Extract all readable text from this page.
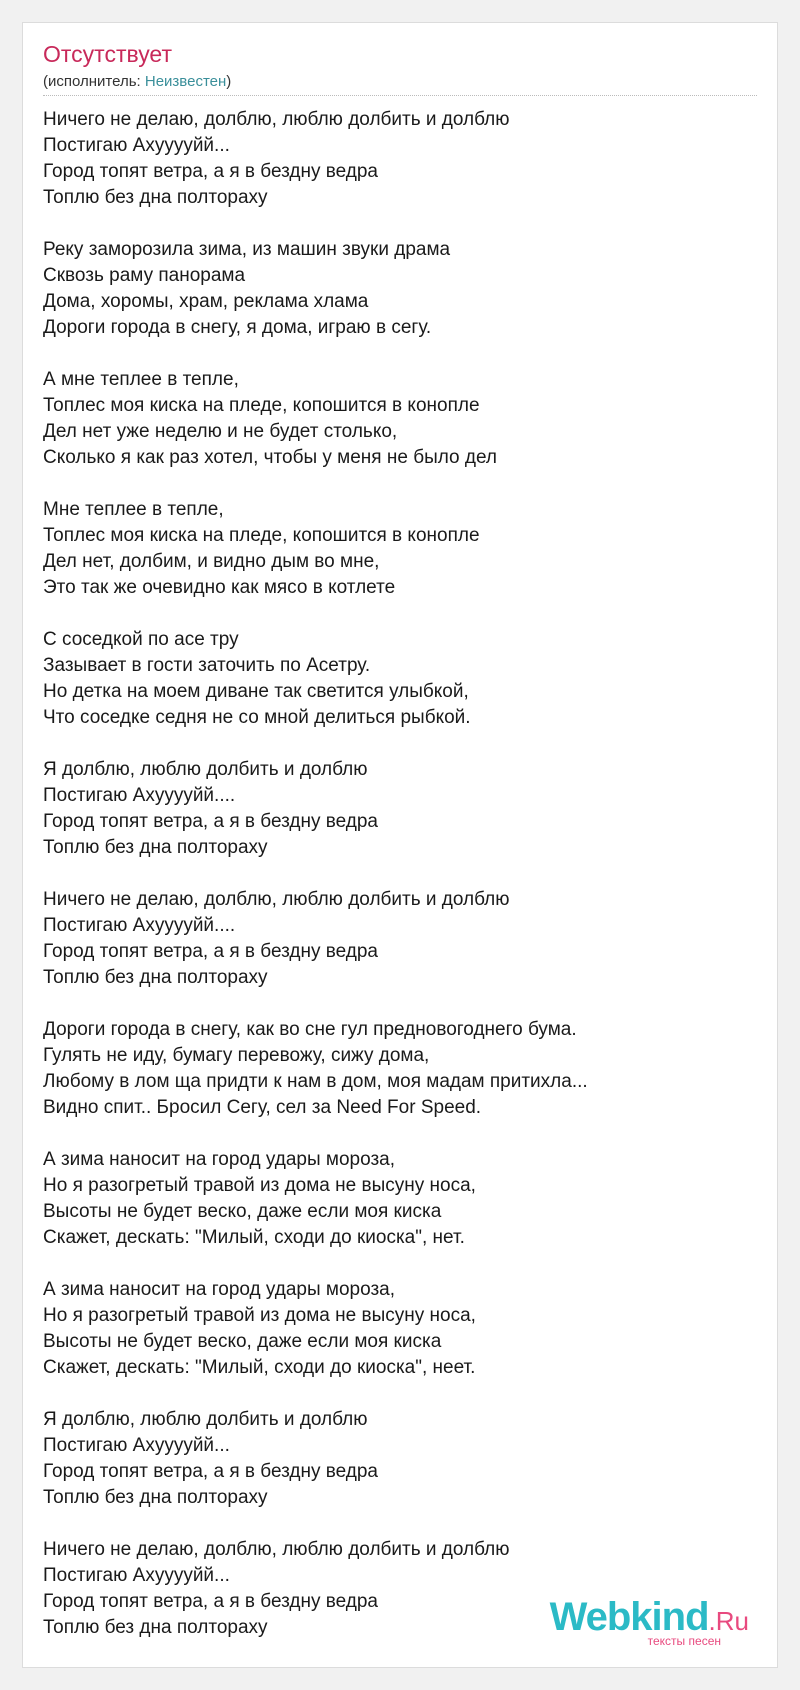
Отсутствует
(исполнитель: Неизвестен)
Ничего не делаю, долблю, люблю долбить и долблю
Постигаю Ахууууйй...
Город топят ветра, а я в бездну ведра
Топлю без дна полтораху
Реку заморозила зима, из машин звуки драма
Сквозь раму панорама
Дома, хоромы, храм, реклама хлама
Дороги города в снегу, я дома, играю в сегу.
А мне теплее в тепле,
Топлес моя киска на пледе, копошится в конопле
Дел нет уже неделю и не будет столько,
Сколько я как раз хотел, чтобы у меня не было дел
Мне теплее в тепле,
Топлес моя киска на пледе, копошится в конопле
Дел нет, долбим, и видно дым во мне,
Это так же очевидно как мясо в котлете
С соседкой по асе тру
Зазывает в гости заточить по Асетру.
Но детка на моем диване так светится улыбкой,
Что соседке седня не со мной делиться рыбкой.
Я долблю, люблю долбить и долблю
Постигаю Ахууууйй....
Город топят ветра, а я в бездну ведра
Топлю без дна полтораху
Ничего не делаю, долблю, люблю долбить и долблю
Постигаю Ахууууйй....
Город топят ветра, а я в бездну ведра
Топлю без дна полтораху
Дороги города в снегу, как во сне гул предновогоднего бума.
Гулять не иду, бумагу перевожу, сижу дома,
Любому в лом ща придти к нам в дом, моя мадам притихла...
Видно спит.. Бросил Сегу, сел за Need For Speed.
А зима наносит на город удары мороза,
Но я разогретый травой из дома не высуну носа,
Высоты не будет веско, даже если моя киска
Скажет, дескать: "Милый, сходи до киоска", нет.
А зима наносит на город удары мороза,
Но я разогретый травой из дома не высуну носа,
Высоты не будет веско, даже если моя киска
Скажет, дескать: "Милый, сходи до киоска", неет.
Я долблю, люблю долбить и долблю
Постигаю Ахууууйй...
Город топят ветра, а я в бездну ведра
Топлю без дна полтораху
Ничего не делаю, долблю, люблю долбить и долблю
Постигаю Ахууууйй...
Город топят ветра, а я в бездну ведра
Топлю без дна полтораху	Webkind.Ru
тексты песен
